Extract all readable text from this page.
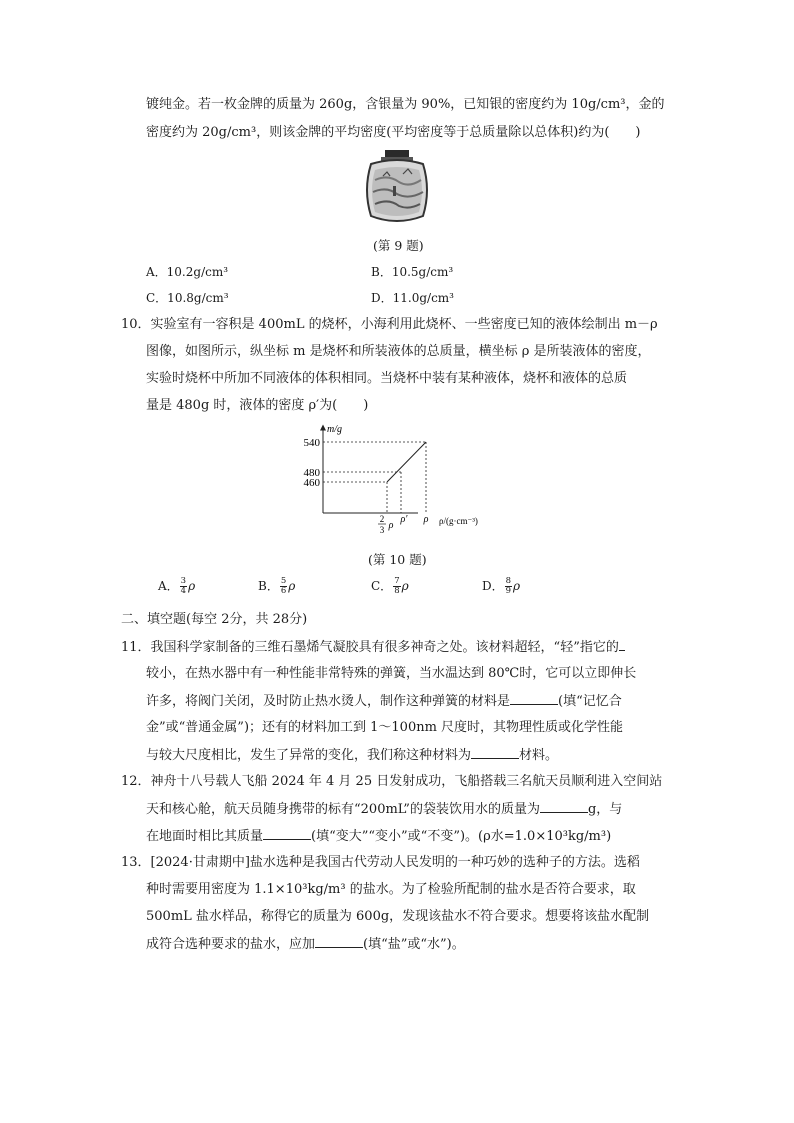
镀纯金。若一枚金牌的质量为 260g，含银量为 90%，已知银的密度约为 10g/cm³，金的
密度约为 20g/cm³，则该金牌的平均密度(平均密度等于总质量除以总体积)约为(　　)
(第 9 题)
A．10.2g/cm³	B．10.5g/cm³
C．10.8g/cm³	D．11.0g/cm³
10．实验室有一容积是 400mL 的烧杯，小海利用此烧杯、一些密度已知的液体绘制出 m－ρ
图像，如图所示，纵坐标 m 是烧杯和所装液体的总质量，横坐标 ρ 是所装液体的密度，
实验时烧杯中所加不同液体的体积相同。当烧杯中装有某种液体，烧杯和液体的总质
量是 480g 时，液体的密度 ρ′为(　　)
m/g
ρ/(g·cm⁻³)
460
480
540
2
3 ρ
ρ′ ρ
(第 10 题)
A． $\frac{3}{4}$ ρ	B． $\frac{5}{6}$ ρ	C． $\frac{7}{8}$ ρ	D． $\frac{8}{9}$ ρ
二、填空题(每空 2分，共 28分)
11．我国科学家制备的三维石墨烯气凝胶具有很多神奇之处。该材料超轻，“轻”指它的
较小，在热水器中有一种性能非常特殊的弹簧，当水温达到 80℃时，它可以立即伸长
许多，将阀门关闭，及时防止热水烫人，制作这种弹簧的材料是	(填“记忆合
金”或“普通金属”)；还有的材料加工到 1～100nm 尺度时，其物理性质或化学性能
与较大尺度相比，发生了异常的变化，我们称这种材料为	材料。
12．神舟十八号载人飞船 2024 年 4 月 25 日发射成功，飞船搭载三名航天员顺利进入空间站
天和核心舱，航天员随身携带的标有“200mL”的袋装饮用水的质量为	g，与
在地面时相比其质量	(填“变大”“变小”或“不变”)。(ρ水=1.0×10³kg/m³)
13．[2024·甘肃期中]盐水选种是我国古代劳动人民发明的一种巧妙的选种子的方法。选稻
种时需要用密度为 1.1×10³kg/m³ 的盐水。为了检验所配制的盐水是否符合要求，取
500mL 盐水样品，称得它的质量为 600g，发现该盐水不符合要求。想要将该盐水配制
成符合选种要求的盐水，应加	(填“盐”或“水”)。
